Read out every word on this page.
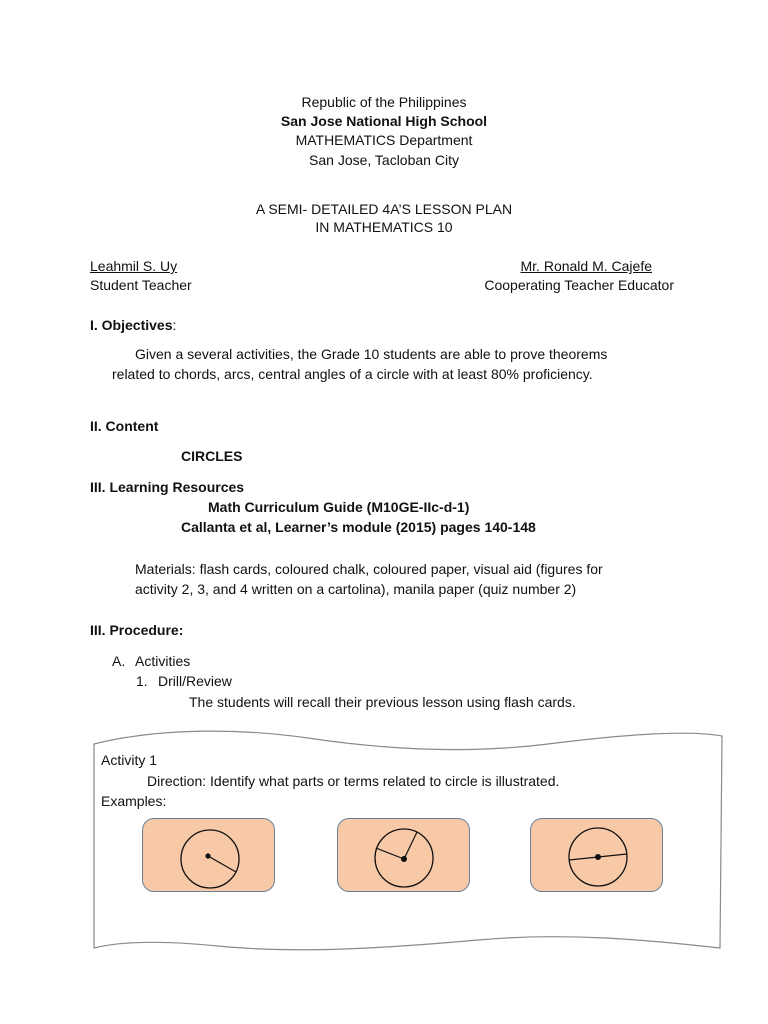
Republic of the Philippines
San Jose National High School
MATHEMATICS Department
San Jose, Tacloban City
A SEMI- DETAILED 4A’S LESSON PLAN
IN MATHEMATICS 10
Leahmil S. Uy
Student Teacher
Mr. Ronald M. Cajefe
Cooperating Teacher Educator
I. Objectives:
Given a several activities, the Grade 10 students are able to prove theorems
related to chords, arcs, central angles of a circle with at least 80% proficiency.
II. Content
CIRCLES
III. Learning Resources
Math Curriculum Guide (M10GE-IIc-d-1)
Callanta et al, Learner’s module (2015) pages 140-148
Materials: flash cards, coloured chalk, coloured paper, visual aid (figures for
activity 2, 3, and 4 written on a cartolina), manila paper (quiz number 2)
III. Procedure:
A. Activities
1. Drill/Review
The students will recall their previous lesson using flash cards.
Activity 1
Direction: Identify what parts or terms related to circle is illustrated.
Examples:
